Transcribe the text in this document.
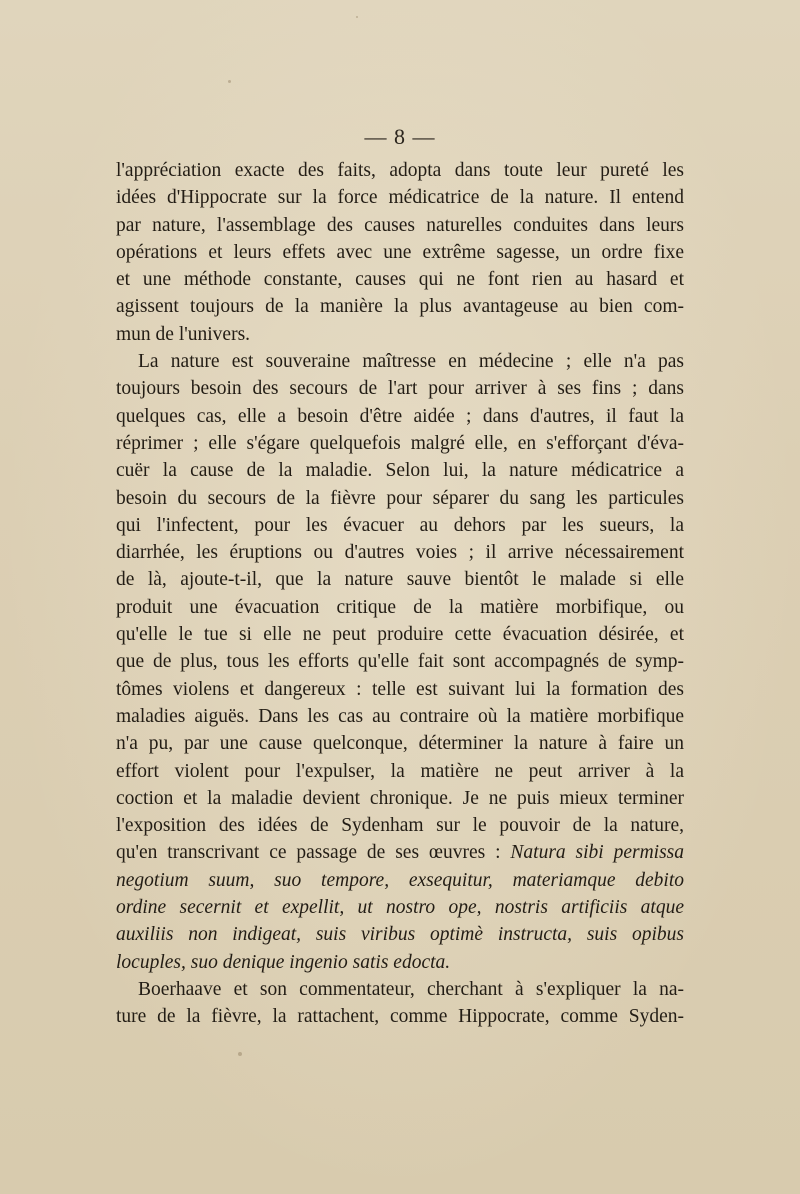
— 8 —
l'appréciation exacte des faits, adopta dans toute leur pureté les
idées d'Hippocrate sur la force médicatrice de la nature. Il entend
par nature, l'assemblage des causes naturelles conduites dans leurs
opérations et leurs effets avec une extrême sagesse, un ordre fixe
et une méthode constante, causes qui ne font rien au hasard et
agissent toujours de la manière la plus avantageuse au bien com-
mun de l'univers.
La nature est souveraine maîtresse en médecine ; elle n'a pas
toujours besoin des secours de l'art pour arriver à ses fins ; dans
quelques cas, elle a besoin d'être aidée ; dans d'autres, il faut la
réprimer ; elle s'égare quelquefois malgré elle, en s'efforçant d'éva-
cuër la cause de la maladie. Selon lui, la nature médicatrice a
besoin du secours de la fièvre pour séparer du sang les particules
qui l'infectent, pour les évacuer au dehors par les sueurs, la
diarrhée, les éruptions ou d'autres voies ; il arrive nécessairement
de là, ajoute-t-il, que la nature sauve bientôt le malade si elle
produit une évacuation critique de la matière morbifique, ou
qu'elle le tue si elle ne peut produire cette évacuation désirée, et
que de plus, tous les efforts qu'elle fait sont accompagnés de symp-
tômes violens et dangereux : telle est suivant lui la formation des
maladies aiguës. Dans les cas au contraire où la matière morbifique
n'a pu, par une cause quelconque, déterminer la nature à faire un
effort violent pour l'expulser, la matière ne peut arriver à la
coction et la maladie devient chronique. Je ne puis mieux terminer
l'exposition des idées de Sydenham sur le pouvoir de la nature,
qu'en transcrivant ce passage de ses œuvres : Natura sibi permissa
negotium suum, suo tempore, exsequitur, materiamque debito
ordine secernit et expellit, ut nostro ope, nostris artificiis atque
auxiliis non indigeat, suis viribus optimè instructa, suis opibus
locuples, suo denique ingenio satis edocta.
Boerhaave et son commentateur, cherchant à s'expliquer la na-
ture de la fièvre, la rattachent, comme Hippocrate, comme Syden-
